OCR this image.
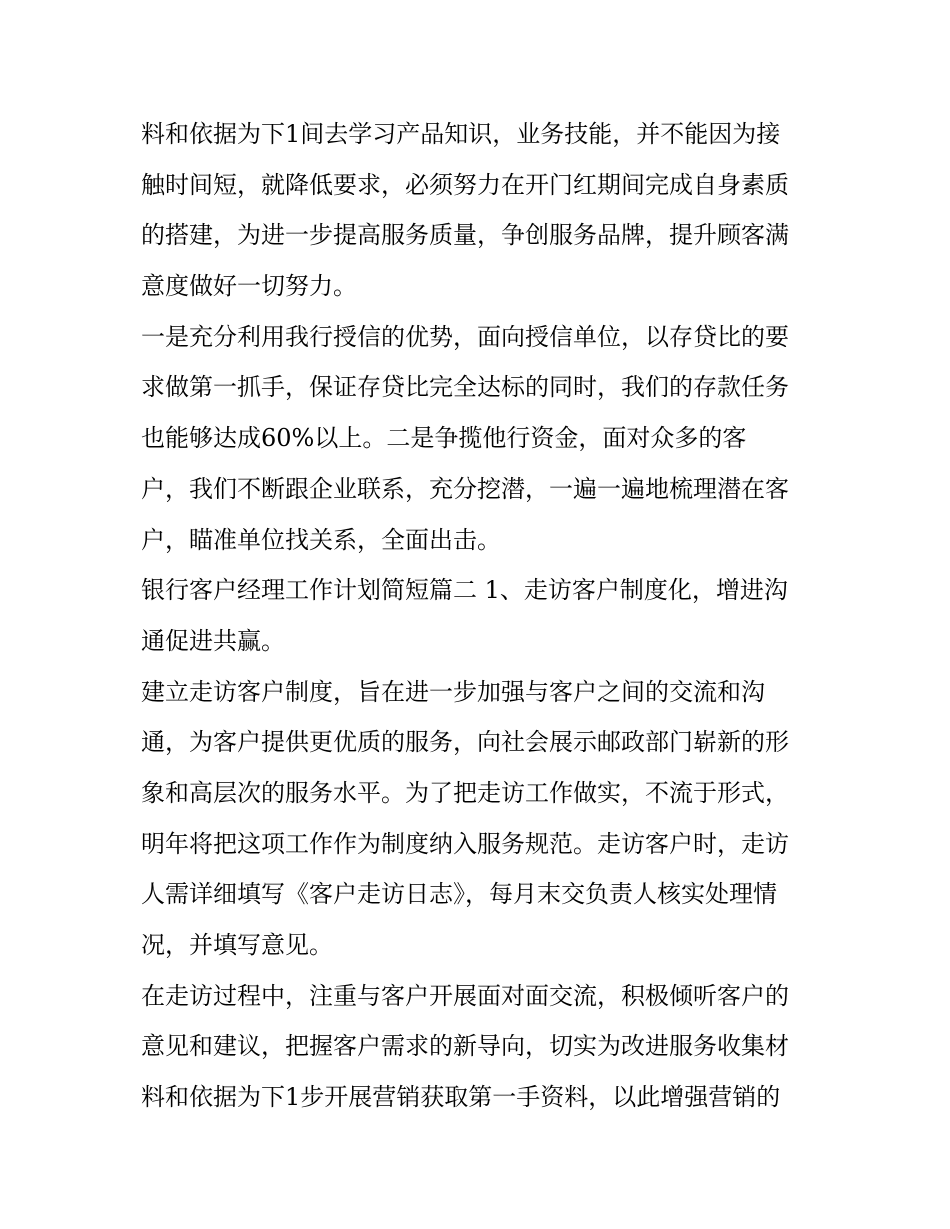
料和依据为下1间去学习产品知识，业务技能，并不能因为接
触时间短，就降低要求，必须努力在开门红期间完成自身素质
的搭建，为进一步提高服务质量，争创服务品牌，提升顾客满
意度做好一切努力。
一是充分利用我行授信的优势，面向授信单位，以存贷比的要
求做第一抓手，保证存贷比完全达标的同时，我们的存款任务
也能够达成60%以上。二是争揽他行资金，面对众多的客
户，我们不断跟企业联系，充分挖潜，一遍一遍地梳理潜在客
户，瞄准单位找关系，全面出击。
银行客户经理工作计划简短篇二 1、走访客户制度化，增进沟
通促进共赢。
建立走访客户制度，旨在进一步加强与客户之间的交流和沟
通，为客户提供更优质的服务，向社会展示邮政部门崭新的形
象和高层次的服务水平。为了把走访工作做实，不流于形式，
明年将把这项工作作为制度纳入服务规范。走访客户时，走访
人需详细填写《客户走访日志》，每月末交负责人核实处理情
况，并填写意见。
在走访过程中，注重与客户开展面对面交流，积极倾听客户的
意见和建议，把握客户需求的新导向，切实为改进服务收集材
料和依据为下1步开展营销获取第一手资料，以此增强营销的
